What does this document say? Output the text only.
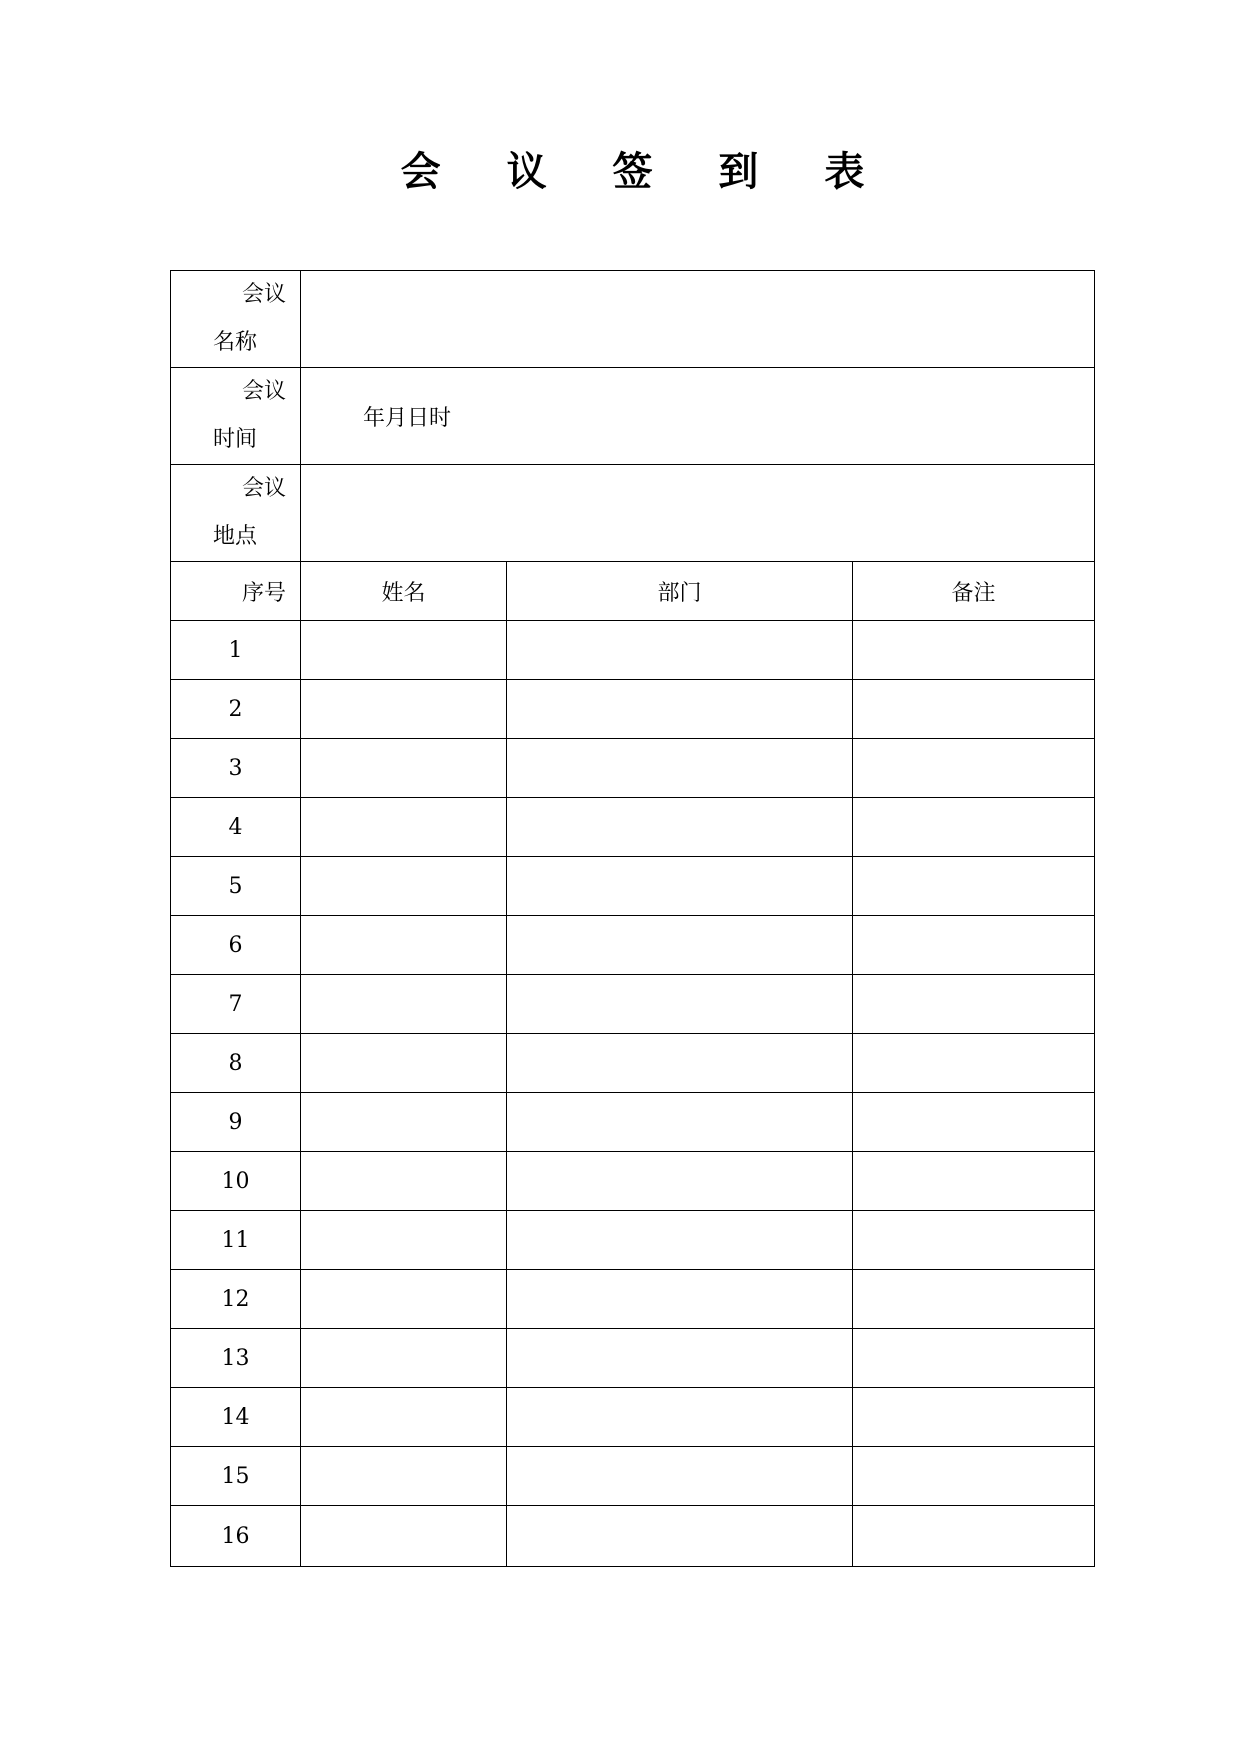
会 议 签 到 表
会议
名称			

会议
时间	年月日时		

会议
地点			

序号	姓名	部门	备注
1			
2			
3			
4			
5			
6			
7			
8			
9			
10			
11			
12			
13			
14			
15			
16			
